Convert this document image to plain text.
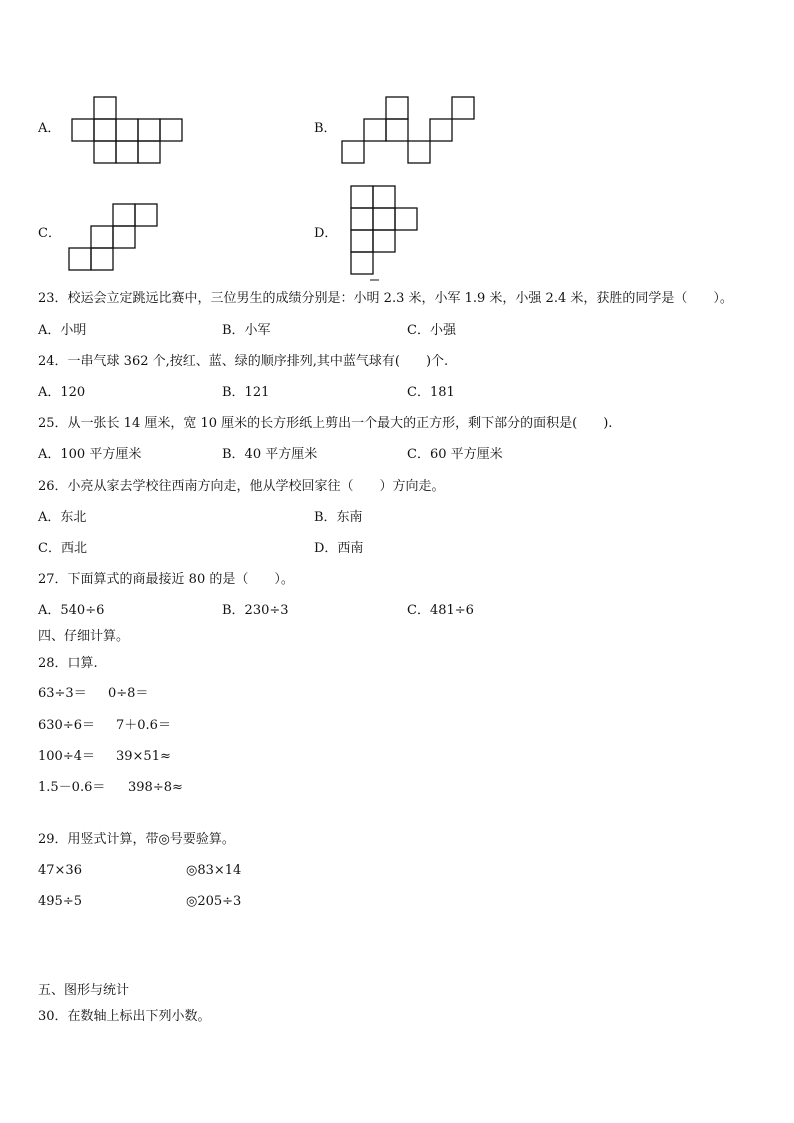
A．	B．
C．	D．
23．校运会立定跳远比赛中，三位男生的成绩分别是：小明 2.3 米，小军 1.9 米，小强 2.4 米，获胜的同学是（　　）。
A．小明	B．小军	C．小强
24．一串气球 362 个,按红、蓝、绿的顺序排列,其中蓝气球有(　　)个.
A．120	B．121	C．181
25．从一张长 14 厘米，宽 10 厘米的长方形纸上剪出一个最大的正方形，剩下部分的面积是(　　).
A．100 平方厘米	B．40 平方厘米	C．60 平方厘米
26．小亮从家去学校往西南方向走，他从学校回家往（　　）方向走。
A．东北	B．东南
C．西北	D．西南
27．下面算式的商最接近 80 的是（　　）。
A．540÷6	B．230÷3	C．481÷6
四、仔细计算。
28．口算.
63÷3＝ 0÷8＝
630÷6＝ 7＋0.6＝
100÷4＝ 39×51≈
1.5－0.6＝ 398÷8≈
29．用竖式计算，带◎号要验算。
47×36	◎83×14
495÷5	◎205÷3
五、图形与统计
30．在数轴上标出下列小数。
